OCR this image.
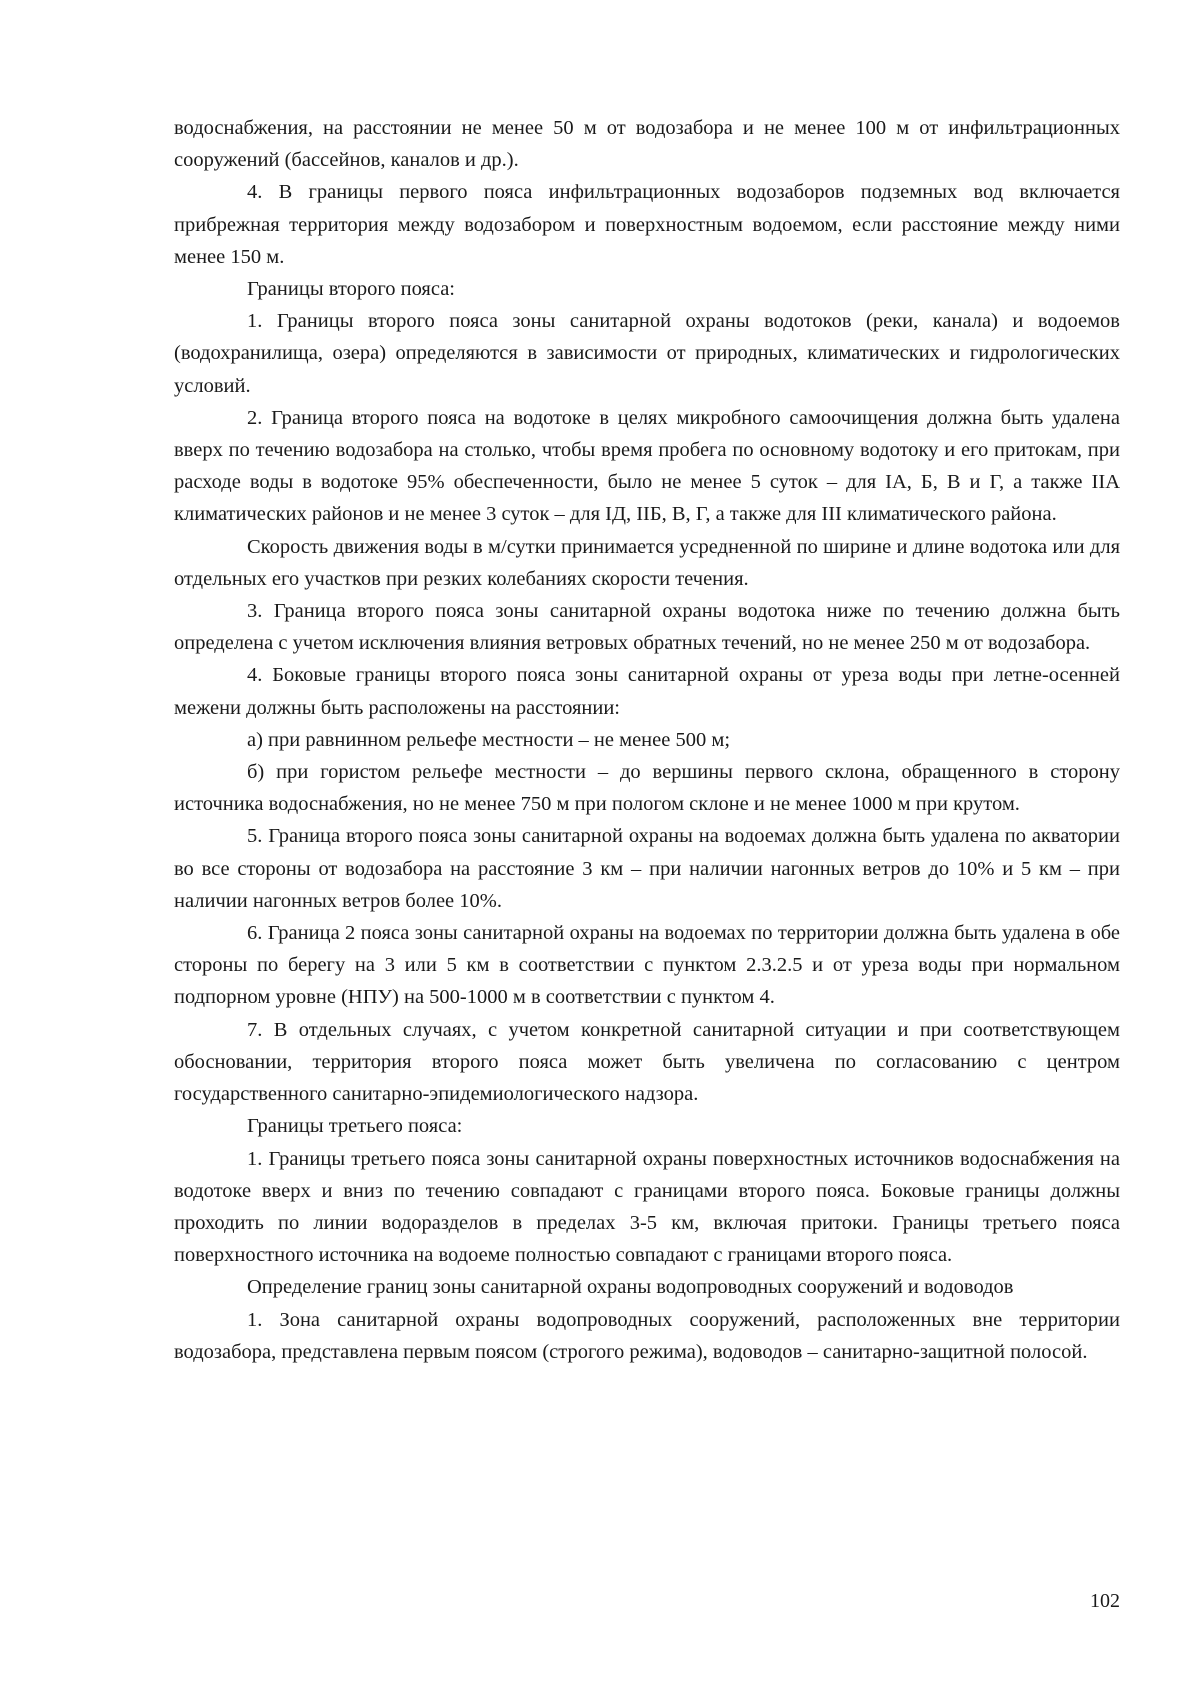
водоснабжения, на расстоянии не менее 50 м от водозабора и не менее 100 м от инфильтрационных сооружений (бассейнов, каналов и др.).

4. В границы первого пояса инфильтрационных водозаборов подземных вод включается прибрежная территория между водозабором и поверхностным водоемом, если расстояние между ними менее 150 м.

Границы второго пояса:

1. Границы второго пояса зоны санитарной охраны водотоков (реки, канала) и водоемов (водохранилища, озера) определяются в зависимости от природных, климатических и гидрологических условий.

2. Граница второго пояса на водотоке в целях микробного самоочищения должна быть удалена вверх по течению водозабора на столько, чтобы время пробега по основному водотоку и его притокам, при расходе воды в водотоке 95% обеспеченности, было не менее 5 суток – для IА, Б, В и Г, а также IIА климатических районов и не менее 3 суток – для IД, IIБ, В, Г, а также для III климатического района.

Скорость движения воды в м/сутки принимается усредненной по ширине и длине водотока или для отдельных его участков при резких колебаниях скорости течения.

3. Граница второго пояса зоны санитарной охраны водотока ниже по течению должна быть определена с учетом исключения влияния ветровых обратных течений, но не менее 250 м от водозабора.

4. Боковые границы второго пояса зоны санитарной охраны от уреза воды при летне-осенней межени должны быть расположены на расстоянии:

а) при равнинном рельефе местности – не менее 500 м;

б) при гористом рельефе местности – до вершины первого склона, обращенного в сторону источника водоснабжения, но не менее 750 м при пологом склоне и не менее 1000 м при крутом.

5. Граница второго пояса зоны санитарной охраны на водоемах должна быть удалена по акватории во все стороны от водозабора на расстояние 3 км – при наличии нагонных ветров до 10% и 5 км – при наличии нагонных ветров более 10%.

6. Граница 2 пояса зоны санитарной охраны на водоемах по территории должна быть удалена в обе стороны по берегу на 3 или 5 км в соответствии с пунктом 2.3.2.5 и от уреза воды при нормальном подпорном уровне (НПУ) на 500-1000 м в соответствии с пунктом 4.

7. В отдельных случаях, с учетом конкретной санитарной ситуации и при соответствующем обосновании, территория второго пояса может быть увеличена по согласованию с центром государственного санитарно-эпидемиологического надзора.

Границы третьего пояса:

1. Границы третьего пояса зоны санитарной охраны поверхностных источников водоснабжения на водотоке вверх и вниз по течению совпадают с границами второго пояса. Боковые границы должны проходить по линии водоразделов в пределах 3-5 км, включая притоки. Границы третьего пояса поверхностного источника на водоеме полностью совпадают с границами второго пояса.

Определение границ зоны санитарной охраны водопроводных сооружений и водоводов

1. Зона санитарной охраны водопроводных сооружений, расположенных вне территории водозабора, представлена первым поясом (строгого режима), водоводов – санитарно-защитной полосой.

102
